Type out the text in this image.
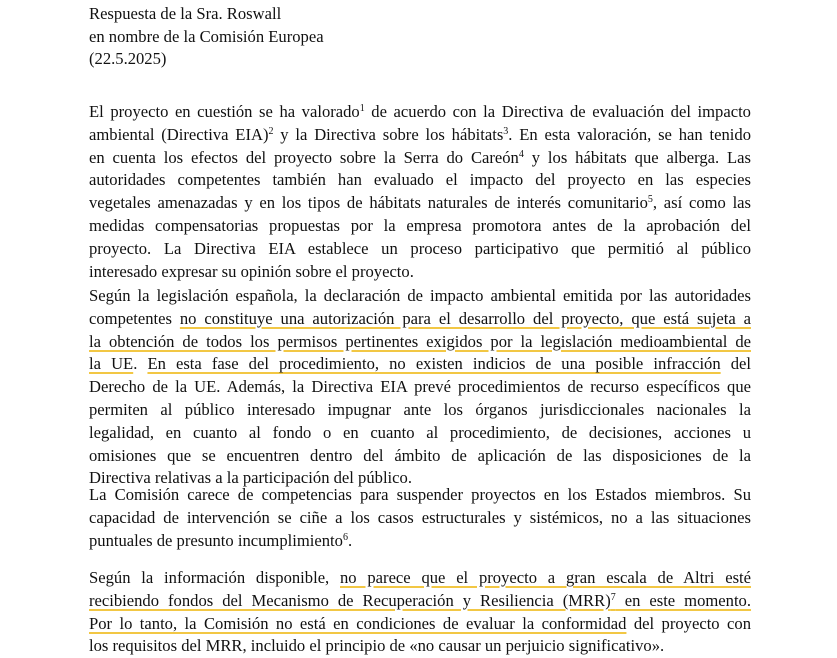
Respuesta de la Sra. Roswall
en nombre de la Comisión Europea
(22.5.2025)
El proyecto en cuestión se ha valorado$^1$ de acuerdo con la Directiva de evaluación del impacto
ambiental (Directiva EIA)$^2$ y la Directiva sobre los hábitats$^3$. En esta valoración, se han tenido
en cuenta los efectos del proyecto sobre la Serra do Careón$^4$ y los hábitats que alberga. Las
autoridades competentes también han evaluado el impacto del proyecto en las especies
vegetales amenazadas y en los tipos de hábitats naturales de interés comunitario$^5$, así como las
medidas compensatorias propuestas por la empresa promotora antes de la aprobación del
proyecto. La Directiva EIA establece un proceso participativo que permitió al público
interesado expresar su opinión sobre el proyecto.
Según la legislación española, la declaración de impacto ambiental emitida por las autoridades
competentes no constituye una autorización para el desarrollo del proyecto, que está sujeta a
la obtención de todos los permisos pertinentes exigidos por la legislación medioambiental de
la UE. En esta fase del procedimiento, no existen indicios de una posible infracción del
Derecho de la UE. Además, la Directiva EIA prevé procedimientos de recurso específicos que
permiten al público interesado impugnar ante los órganos jurisdiccionales nacionales la
legalidad, en cuanto al fondo o en cuanto al procedimiento, de decisiones, acciones u
omisiones que se encuentren dentro del ámbito de aplicación de las disposiciones de la
Directiva relativas a la participación del público.
La Comisión carece de competencias para suspender proyectos en los Estados miembros. Su
capacidad de intervención se ciñe a los casos estructurales y sistémicos, no a las situaciones
puntuales de presunto incumplimiento$^6$.
Según la información disponible, no parece que el proyecto a gran escala de Altri esté
recibiendo fondos del Mecanismo de Recuperación y Resiliencia (MRR)$^7$ en este momento.
Por lo tanto, la Comisión no está en condiciones de evaluar la conformidad del proyecto con
los requisitos del MRR, incluido el principio de «no causar un perjuicio significativo».
